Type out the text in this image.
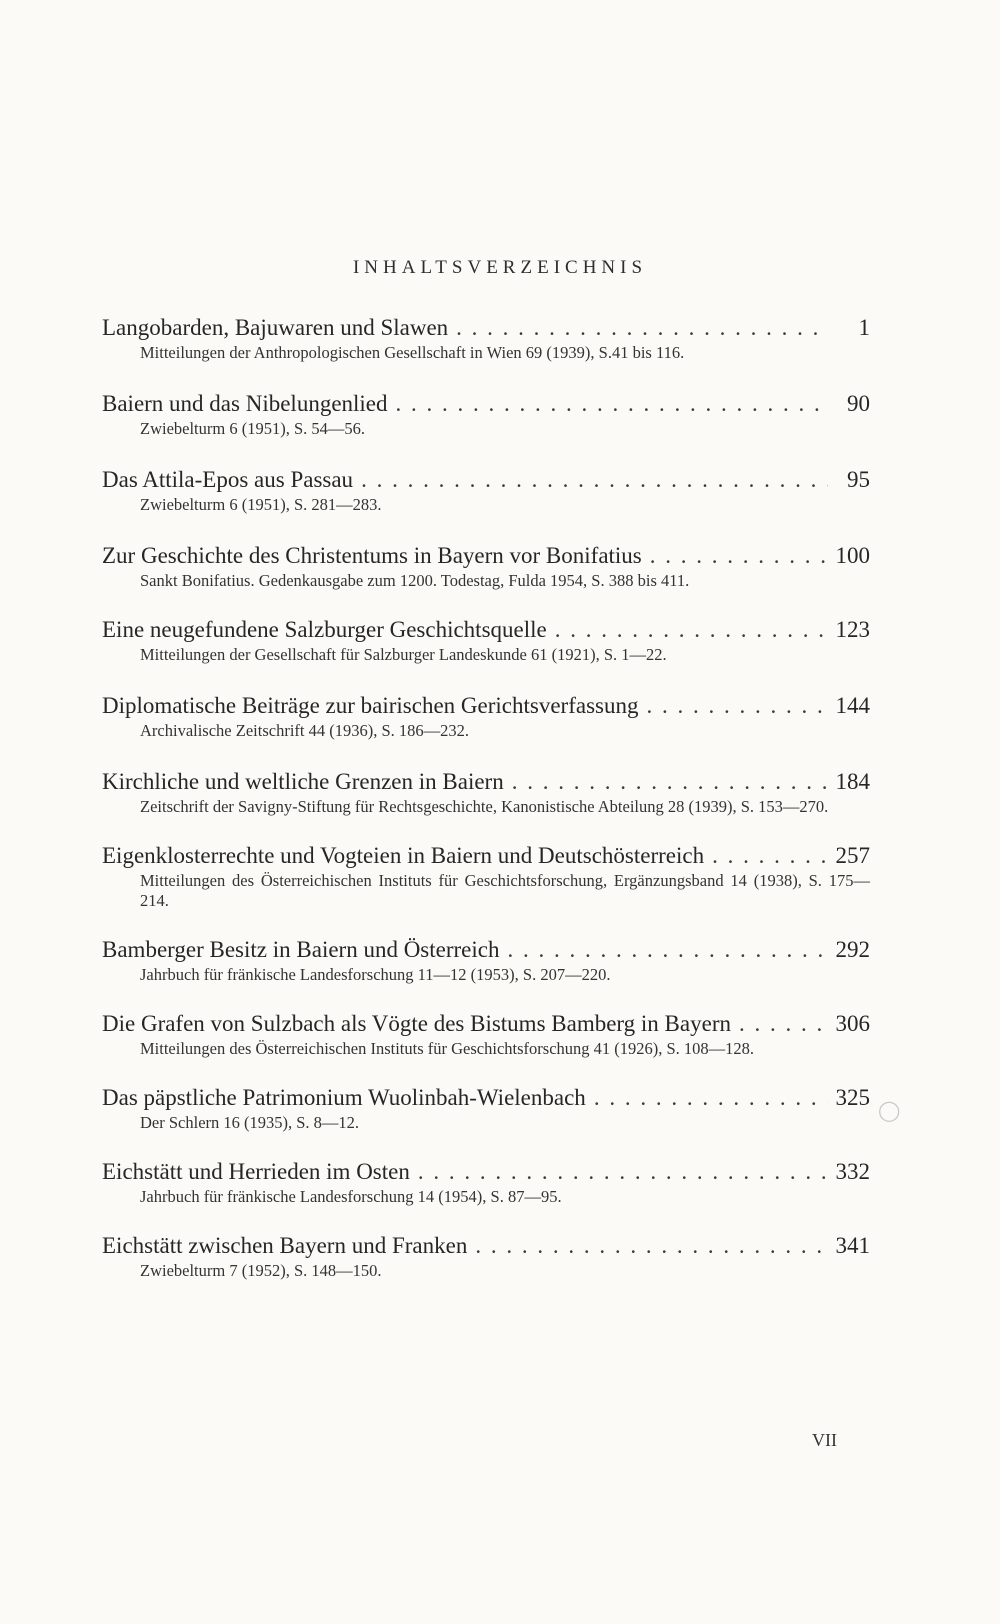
INHALTSVERZEICHNIS
Langobarden, Bajuwaren und Slawen . . .	1
Mitteilungen der Anthropologischen Gesellschaft in Wien 69 (1939), S.41 bis 116.
Baiern und das Nibelungenlied . . .	90
Zwiebelturm 6 (1951), S. 54—56.
Das Attila-Epos aus Passau . . .	95
Zwiebelturm 6 (1951), S. 281—283.
Zur Geschichte des Christentums in Bayern vor Bonifatius . . .	100
Sankt Bonifatius. Gedenkausgabe zum 1200. Todestag, Fulda 1954, S. 388 bis 411.
Eine neugefundene Salzburger Geschichtsquelle . . .	123
Mitteilungen der Gesellschaft für Salzburger Landeskunde 61 (1921), S. 1—22.
Diplomatische Beiträge zur bairischen Gerichtsverfassung . . .	144
Archivalische Zeitschrift 44 (1936), S. 186—232.
Kirchliche und weltliche Grenzen in Baiern . . .	184
Zeitschrift der Savigny-Stiftung für Rechtsgeschichte, Kanonistische Abteilung 28 (1939), S. 153—270.
Eigenklosterrechte und Vogteien in Baiern und Deutschösterreich . . .	257
Mitteilungen des Österreichischen Instituts für Geschichtsforschung, Ergänzungsband 14 (1938), S. 175—214.
Bamberger Besitz in Baiern und Österreich . . .	292
Jahrbuch für fränkische Landesforschung 11—12 (1953), S. 207—220.
Die Grafen von Sulzbach als Vögte des Bistums Bamberg in Bayern . . .	306
Mitteilungen des Österreichischen Instituts für Geschichtsforschung 41 (1926), S. 108—128.
Das päpstliche Patrimonium Wuolinbah-Wielenbach . . .	325
Der Schlern 16 (1935), S. 8—12.
Eichstätt und Herrieden im Osten . . .	332
Jahrbuch für fränkische Landesforschung 14 (1954), S. 87—95.
Eichstätt zwischen Bayern und Franken . . .	341
Zwiebelturm 7 (1952), S. 148—150.
◯
VII
